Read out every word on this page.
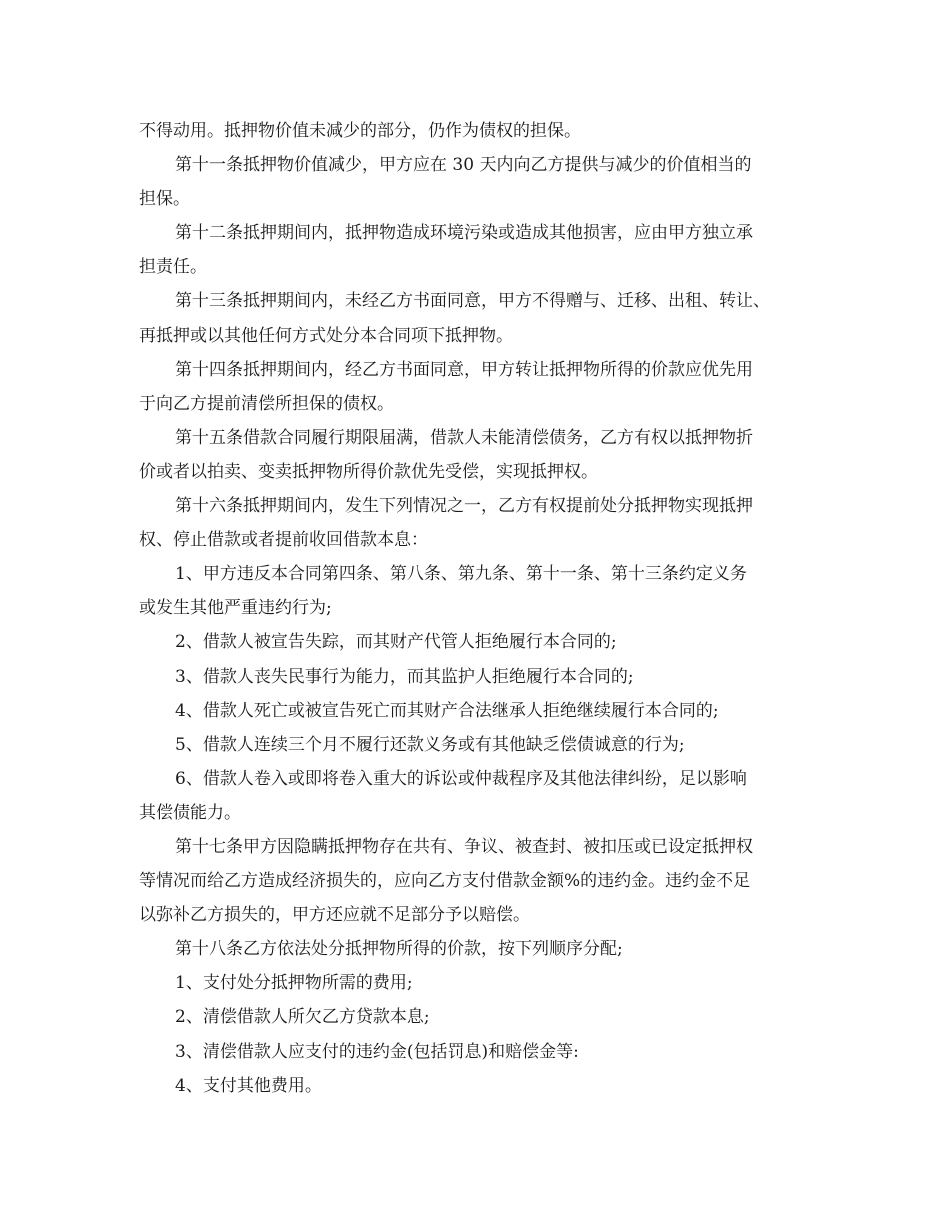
不得动用。抵押物价值未减少的部分，仍作为债权的担保。
第十一条抵押物价值减少，甲方应在 30 天内向乙方提供与减少的价值相当的
担保。
第十二条抵押期间内，抵押物造成环境污染或造成其他损害，应由甲方独立承
担责任。
第十三条抵押期间内，未经乙方书面同意，甲方不得赠与、迁移、出租、转让、
再抵押或以其他任何方式处分本合同项下抵押物。
第十四条抵押期间内，经乙方书面同意，甲方转让抵押物所得的价款应优先用
于向乙方提前清偿所担保的债权。
第十五条借款合同履行期限届满，借款人未能清偿债务，乙方有权以抵押物折
价或者以拍卖、变卖抵押物所得价款优先受偿，实现抵押权。
第十六条抵押期间内，发生下列情况之一，乙方有权提前处分抵押物实现抵押
权、停止借款或者提前收回借款本息：
1、甲方违反本合同第四条、第八条、第九条、第十一条、第十三条约定义务
或发生其他严重违约行为;
2、借款人被宣告失踪，而其财产代管人拒绝履行本合同的;
3、借款人丧失民事行为能力，而其监护人拒绝履行本合同的;
4、借款人死亡或被宣告死亡而其财产合法继承人拒绝继续履行本合同的;
5、借款人连续三个月不履行还款义务或有其他缺乏偿债诚意的行为;
6、借款人卷入或即将卷入重大的诉讼或仲裁程序及其他法律纠纷，足以影响
其偿债能力。
第十七条甲方因隐瞒抵押物存在共有、争议、被查封、被扣压或已设定抵押权
等情况而给乙方造成经济损失的，应向乙方支付借款金额%的违约金。违约金不足
以弥补乙方损失的，甲方还应就不足部分予以赔偿。
第十八条乙方依法处分抵押物所得的价款，按下列顺序分配;
1、支付处分抵押物所需的费用;
2、清偿借款人所欠乙方贷款本息;
3、清偿借款人应支付的违约金(包括罚息)和赔偿金等:
4、支付其他费用。
